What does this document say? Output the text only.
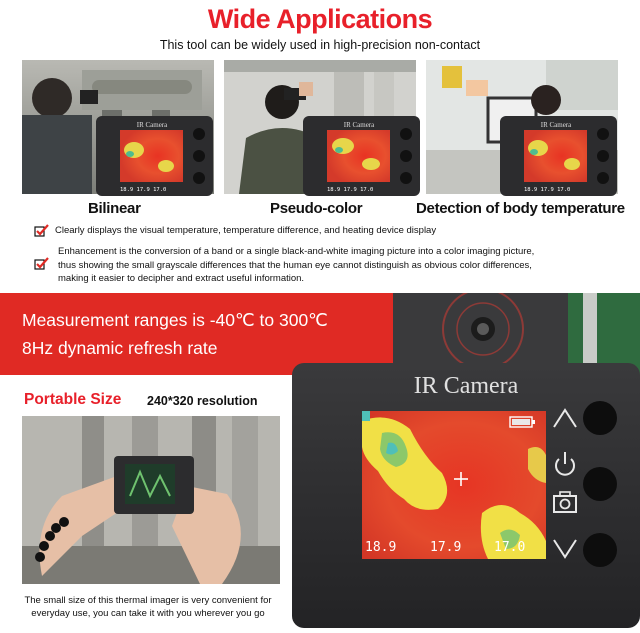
Wide Applications
This tool can be widely used in high-precision non-contact
IR Camera
18.9 17.9 17.0
IR Camera
18.9 17.9 17.0
IR Camera
18.9 17.9 17.0
Bilinear	Pseudo-color	Detection of body temperature
Clearly displays the visual temperature, temperature difference, and heating device display
Enhancement is the conversion of a band or a single black-and-white imaging picture into a color imaging picture,
thus showing the small grayscale differences that the human eye cannot distinguish as obvious color differences,
making it easier to decipher and extract useful information.
Measurement ranges is -40℃ to 300℃
8Hz dynamic refresh rate
Portable Size 240*320 resolution
The small size of this thermal imager is very convenient for
everyday use, you can take it with you wherever you go
IR Camera
18.9	17.9	17.0
